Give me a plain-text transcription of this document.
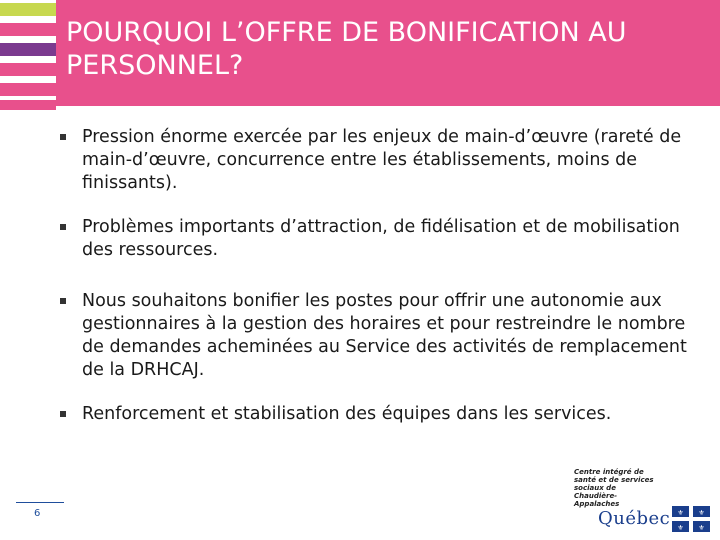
POURQUOI L’OFFRE DE BONIFICATION AU PERSONNEL?
Pression énorme exercée par les enjeux de main-d’œuvre (rareté de main-d’œuvre, concurrence entre les établissements, moins de finissants).
Problèmes importants d’attraction, de fidélisation et de mobilisation des ressources.
Nous souhaitons bonifier les postes pour offrir une autonomie aux gestionnaires à la gestion des horaires et pour restreindre le nombre de demandes acheminées au Service des activités de remplacement de la DRHCAJ.
Renforcement et stabilisation des équipes dans les services.
6
Centre intégré de santé et de services sociaux de Chaudière-Appalaches
Québec ⚜ ⚜
⚜ ⚜
